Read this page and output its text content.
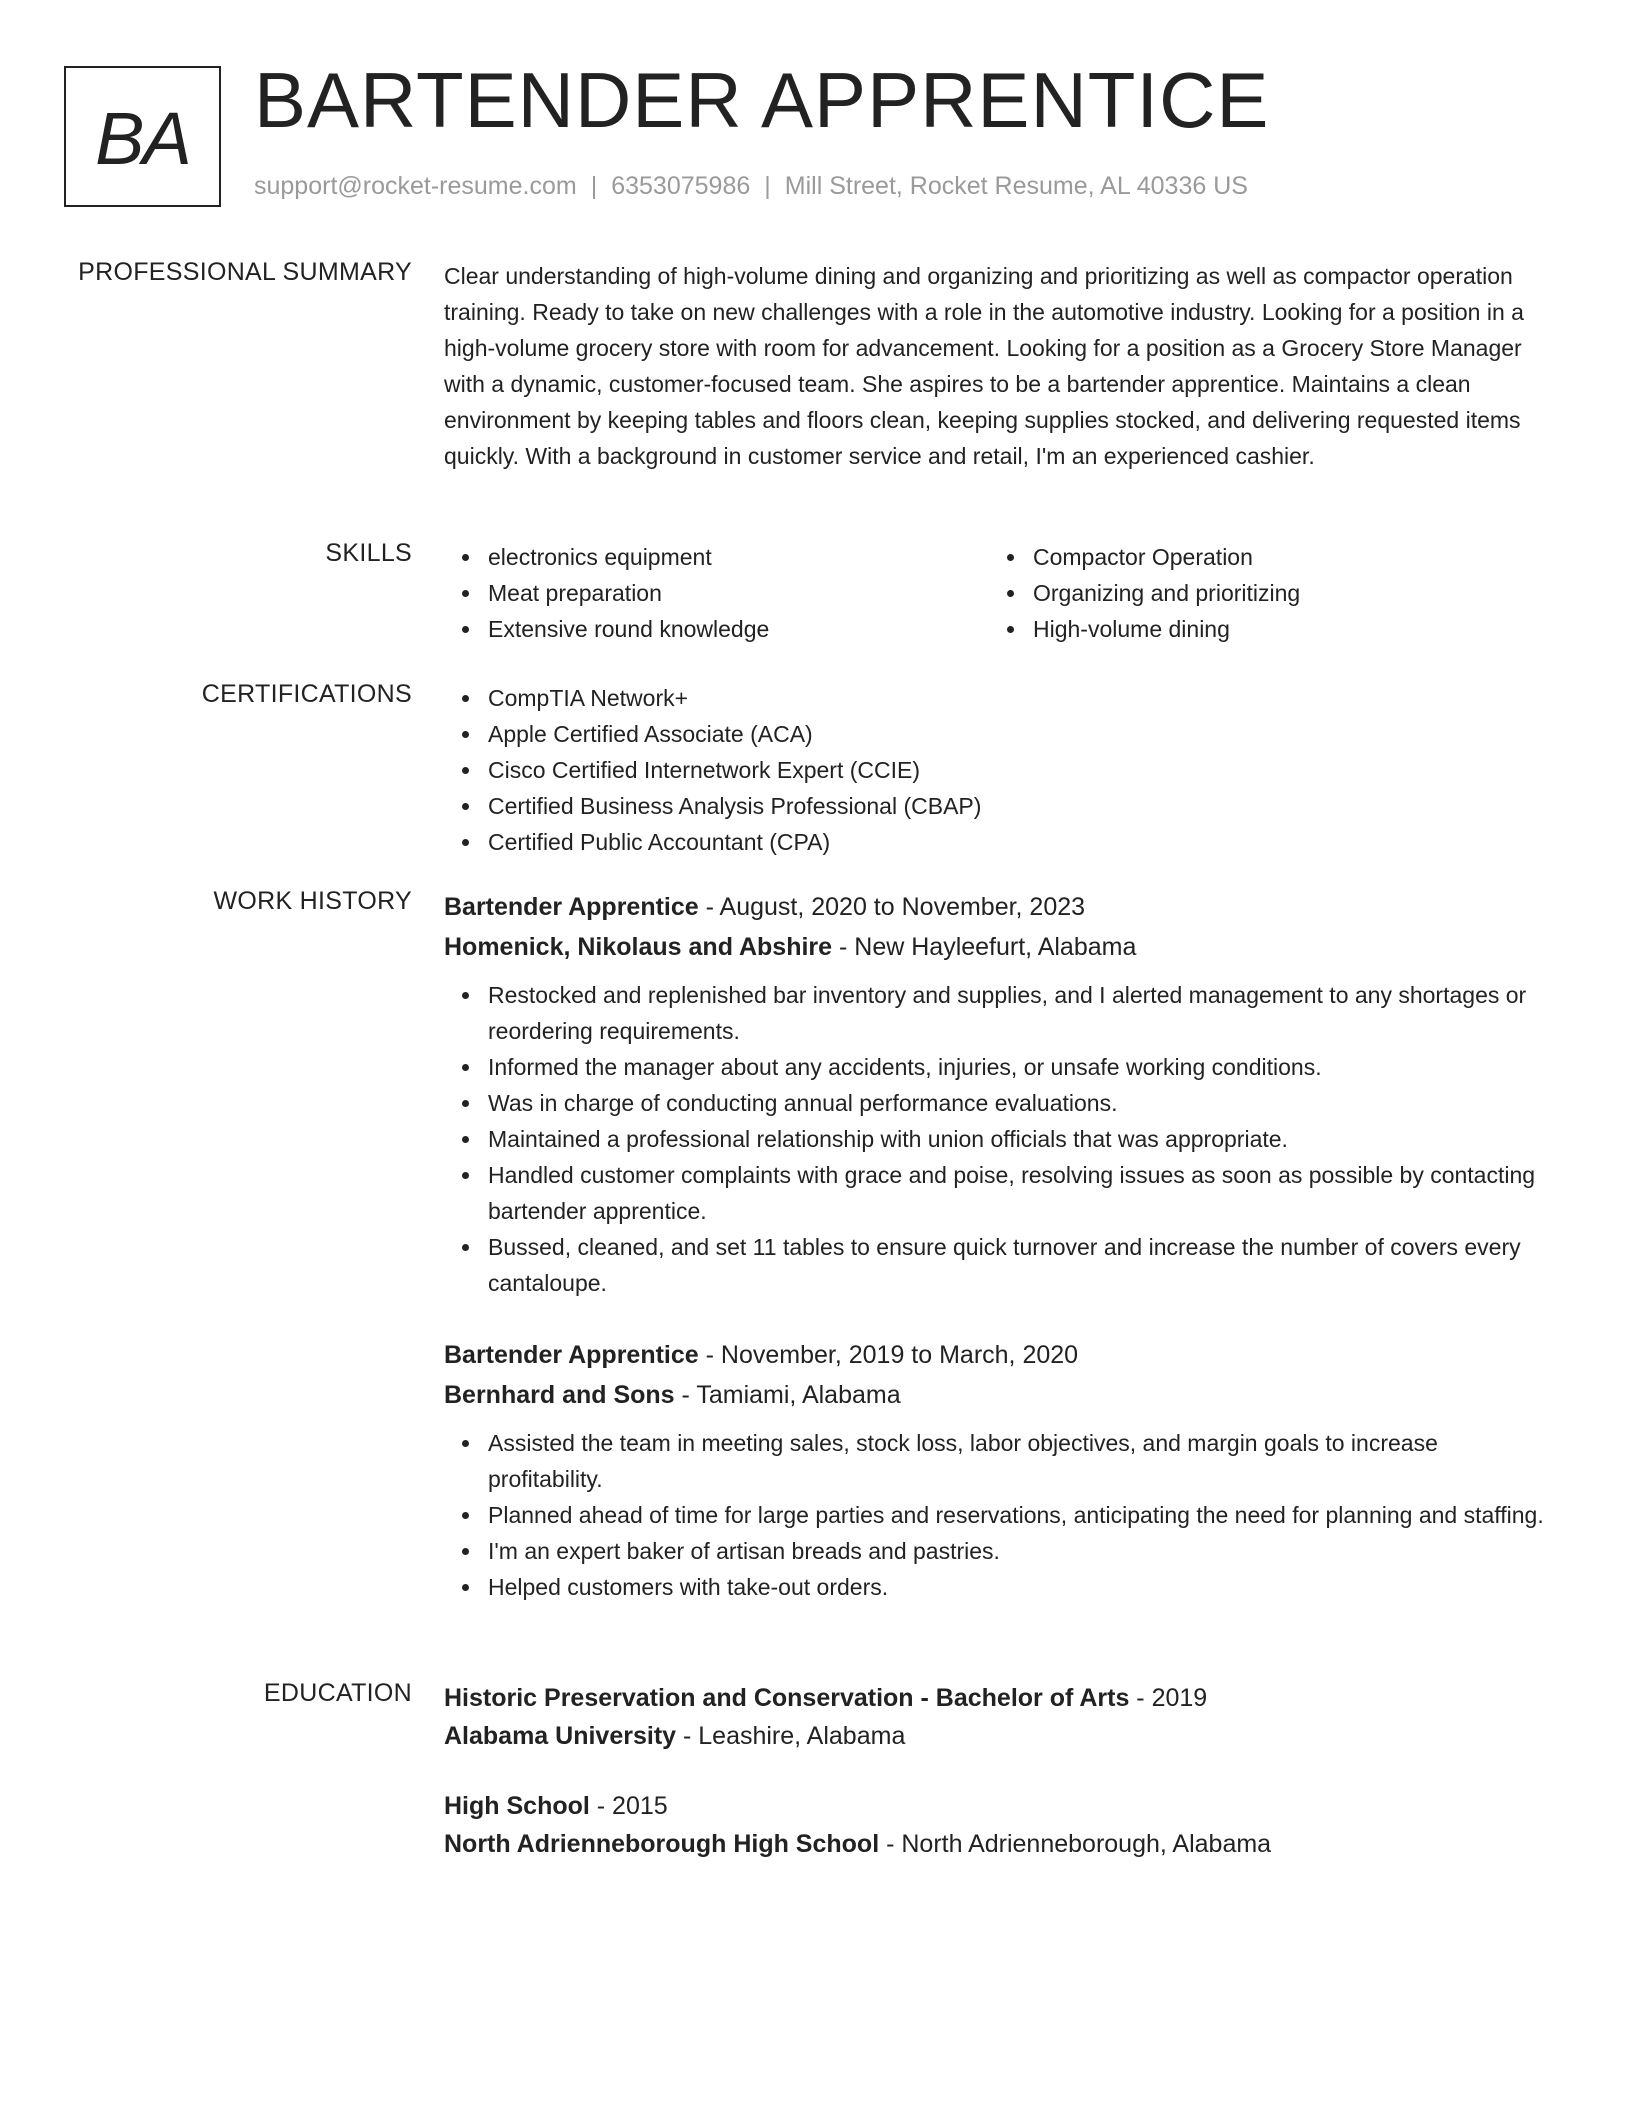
BA BARTENDER APPRENTICE
support@rocket-resume.com | 6353075986 | Mill Street, Rocket Resume, AL 40336 US
PROFESSIONAL SUMMARY Clear understanding of high-volume dining and organizing and prioritizing as well as compactor operation training. Ready to take on new challenges with a role in the automotive industry. Looking for a position in a high-volume grocery store with room for advancement. Looking for a position as a Grocery Store Manager with a dynamic, customer-focused team. She aspires to be a bartender apprentice. Maintains a clean environment by keeping tables and floors clean, keeping supplies stocked, and delivering requested items quickly. With a background in customer service and retail, I'm an experienced cashier.

SKILLS	electronics equipment
Meat preparation
Extensive round knowledge
Compactor Operation
Organizing and prioritizing
High-volume dining
CERTIFICATIONS	CompTIA Network+
Apple Certified Associate (ACA)
Cisco Certified Internetwork Expert (CCIE)
Certified Business Analysis Professional (CBAP)
Certified Public Accountant (CPA)
WORK HISTORY Bartender Apprentice - August, 2020 to November, 2023
Homenick, Nikolaus and Abshire - New Hayleefurt, Alabama
Restocked and replenished bar inventory and supplies, and I alerted management to any shortages or reordering requirements.
Informed the manager about any accidents, injuries, or unsafe working conditions.
Was in charge of conducting annual performance evaluations.
Maintained a professional relationship with union officials that was appropriate.
Handled customer complaints with grace and poise, resolving issues as soon as possible by contacting bartender apprentice.
Bussed, cleaned, and set 11 tables to ensure quick turnover and increase the number of covers every cantaloupe.
Bartender Apprentice - November, 2019 to March, 2020
Bernhard and Sons - Tamiami, Alabama
Assisted the team in meeting sales, stock loss, labor objectives, and margin goals to increase profitability.
Planned ahead of time for large parties and reservations, anticipating the need for planning and staffing.
I'm an expert baker of artisan breads and pastries.
Helped customers with take-out orders.
EDUCATION Historic Preservation and Conservation - Bachelor of Arts - 2019
Alabama University - Leashire, Alabama
High School - 2015
North Adrienneborough High School - North Adrienneborough, Alabama
